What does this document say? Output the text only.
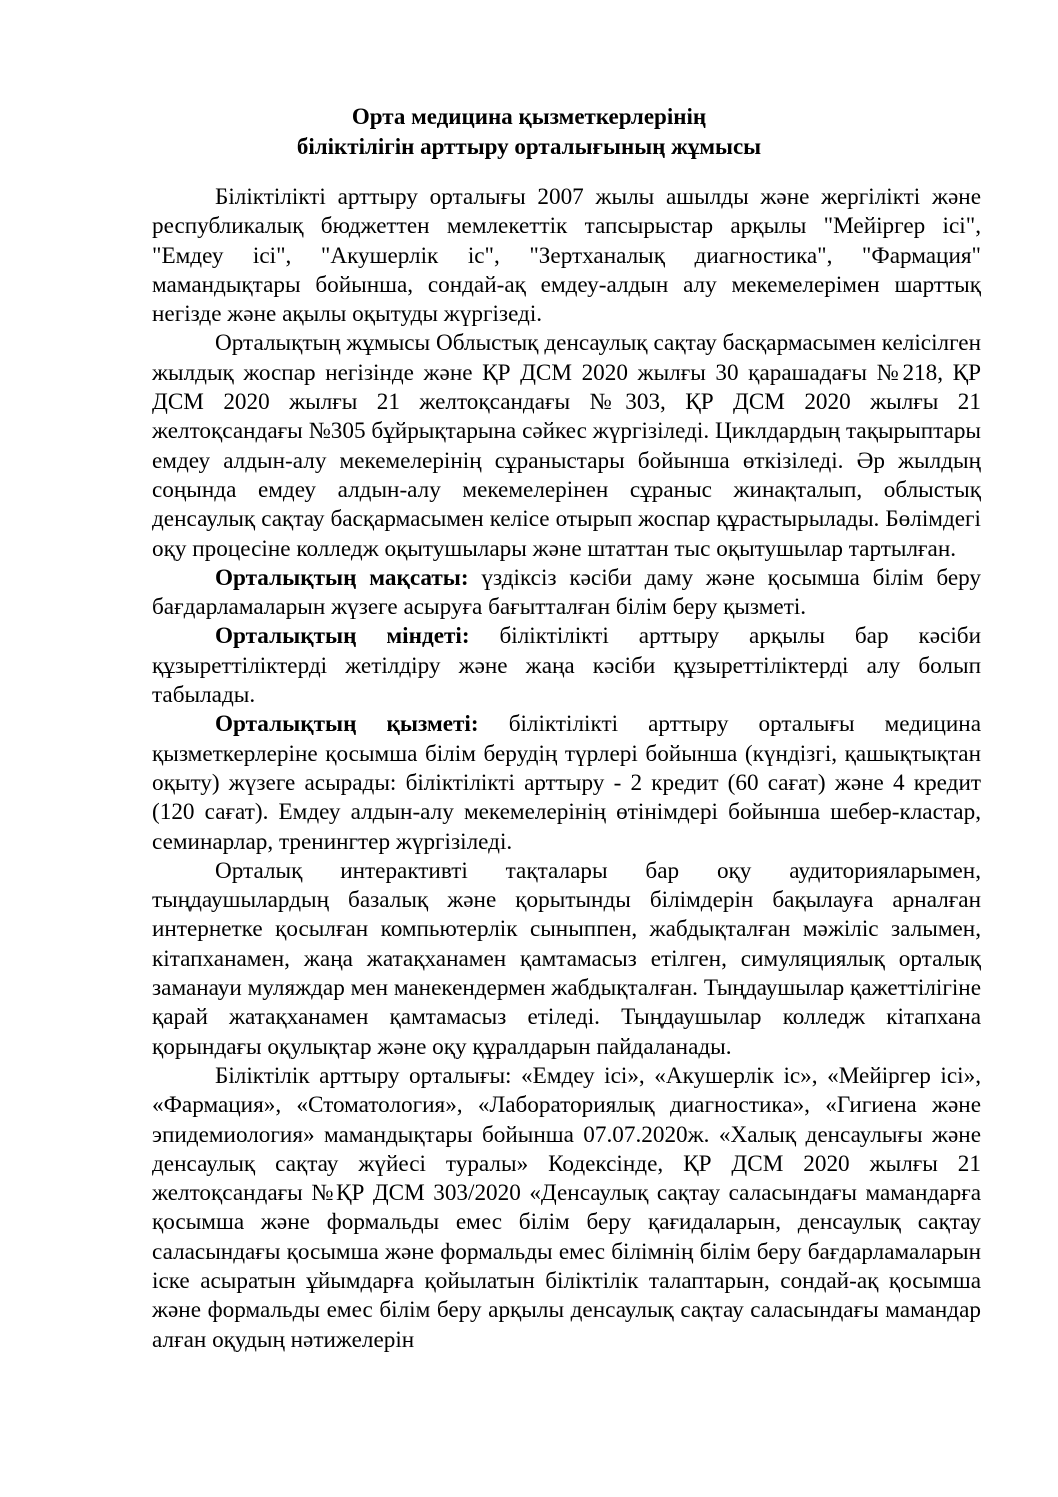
Орта медицина қызметкерлерінің
біліктілігін арттыру орталығының жұмысы

Біліктілікті арттыру орталығы 2007 жылы ашылды және жергілікті және республикалық бюджеттен мемлекеттік тапсырыстар арқылы "Мейіргер ісі", "Емдеу ісі", "Акушерлік іс", "Зертханалық диагностика", "Фармация" мамандықтары бойынша, сондай-ақ емдеу-алдын алу мекемелерімен шарттық негізде және ақылы оқытуды жүргізеді.

Орталықтың жұмысы Облыстық денсаулық сақтау басқармасымен келісілген жылдық жоспар негізінде және ҚР ДСМ 2020 жылғы 30 қарашадағы №218, ҚР ДСМ 2020 жылғы 21 желтоқсандағы №303, ҚР ДСМ 2020 жылғы 21 желтоқсандағы №305 бұйрықтарына сәйкес жүргізіледі. Циклдардың тақырыптары емдеу алдын-алу мекемелерінің сұраныстары бойынша өткізіледі. Әр жылдың соңында емдеу алдын-алу мекемелерінен сұраныс жинақталып, облыстық денсаулық сақтау басқармасымен келісе отырып жоспар құрастырылады. Бөлімдегі оқу процесіне колледж оқытушылары және штаттан тыс оқытушылар тартылған.

Орталықтың мақсаты: үздіксіз кәсіби даму және қосымша білім беру бағдарламаларын жүзеге асыруға бағытталған білім беру қызметі.

Орталықтың міндеті: біліктілікті арттыру арқылы бар кәсіби құзыреттіліктерді жетілдіру және жаңа кәсіби құзыреттіліктерді алу болып табылады.

Орталықтың қызметі: біліктілікті арттыру орталығы медицина қызметкерлеріне қосымша білім берудің түрлері бойынша (күндізгі, қашықтықтан оқыту) жүзеге асырады: біліктілікті арттыру - 2 кредит (60 сағат) және 4 кредит (120 сағат). Емдеу алдын-алу мекемелерінің өтінімдері бойынша шебер-кластар, семинарлар, тренингтер жүргізіледі.

Орталық интерактивті тақталары бар оқу аудиторияларымен, тыңдаушылардың базалық және қорытынды білімдерін бақылауға арналған интернетке қосылған компьютерлік сыныппен, жабдықталған мәжіліс залымен, кітапханамен, жаңа жатақханамен қамтамасыз етілген, симуляциялық орталық заманауи муляждар мен манекендермен жабдықталған. Тыңдаушылар қажеттілігіне қарай жатақханамен қамтамасыз етіледі. Тыңдаушылар колледж кітапхана қорындағы оқулықтар және оқу құралдарын пайдаланады.

Біліктілік арттыру орталығы: «Емдеу ісі», «Акушерлік іс», «Мейіргер ісі», «Фармация», «Стоматология», «Лабораториялық диагностика», «Гигиена және эпидемиология» мамандықтары бойынша 07.07.2020ж. «Халық денсаулығы және денсаулық сақтау жүйесі туралы» Кодексінде, ҚР ДСМ 2020 жылғы 21 желтоқсандағы №ҚР ДСМ 303/2020 «Денсаулық сақтау саласындағы мамандарға қосымша және формальды емес білім беру қағидаларын, денсаулық сақтау саласындағы қосымша және формальды емес білімнің білім беру бағдарламаларын іске асыратын ұйымдарға қойылатын біліктілік талаптарын, сондай-ақ қосымша және формальды емес білім беру арқылы денсаулық сақтау саласындағы мамандар алған оқудың нәтижелерін
